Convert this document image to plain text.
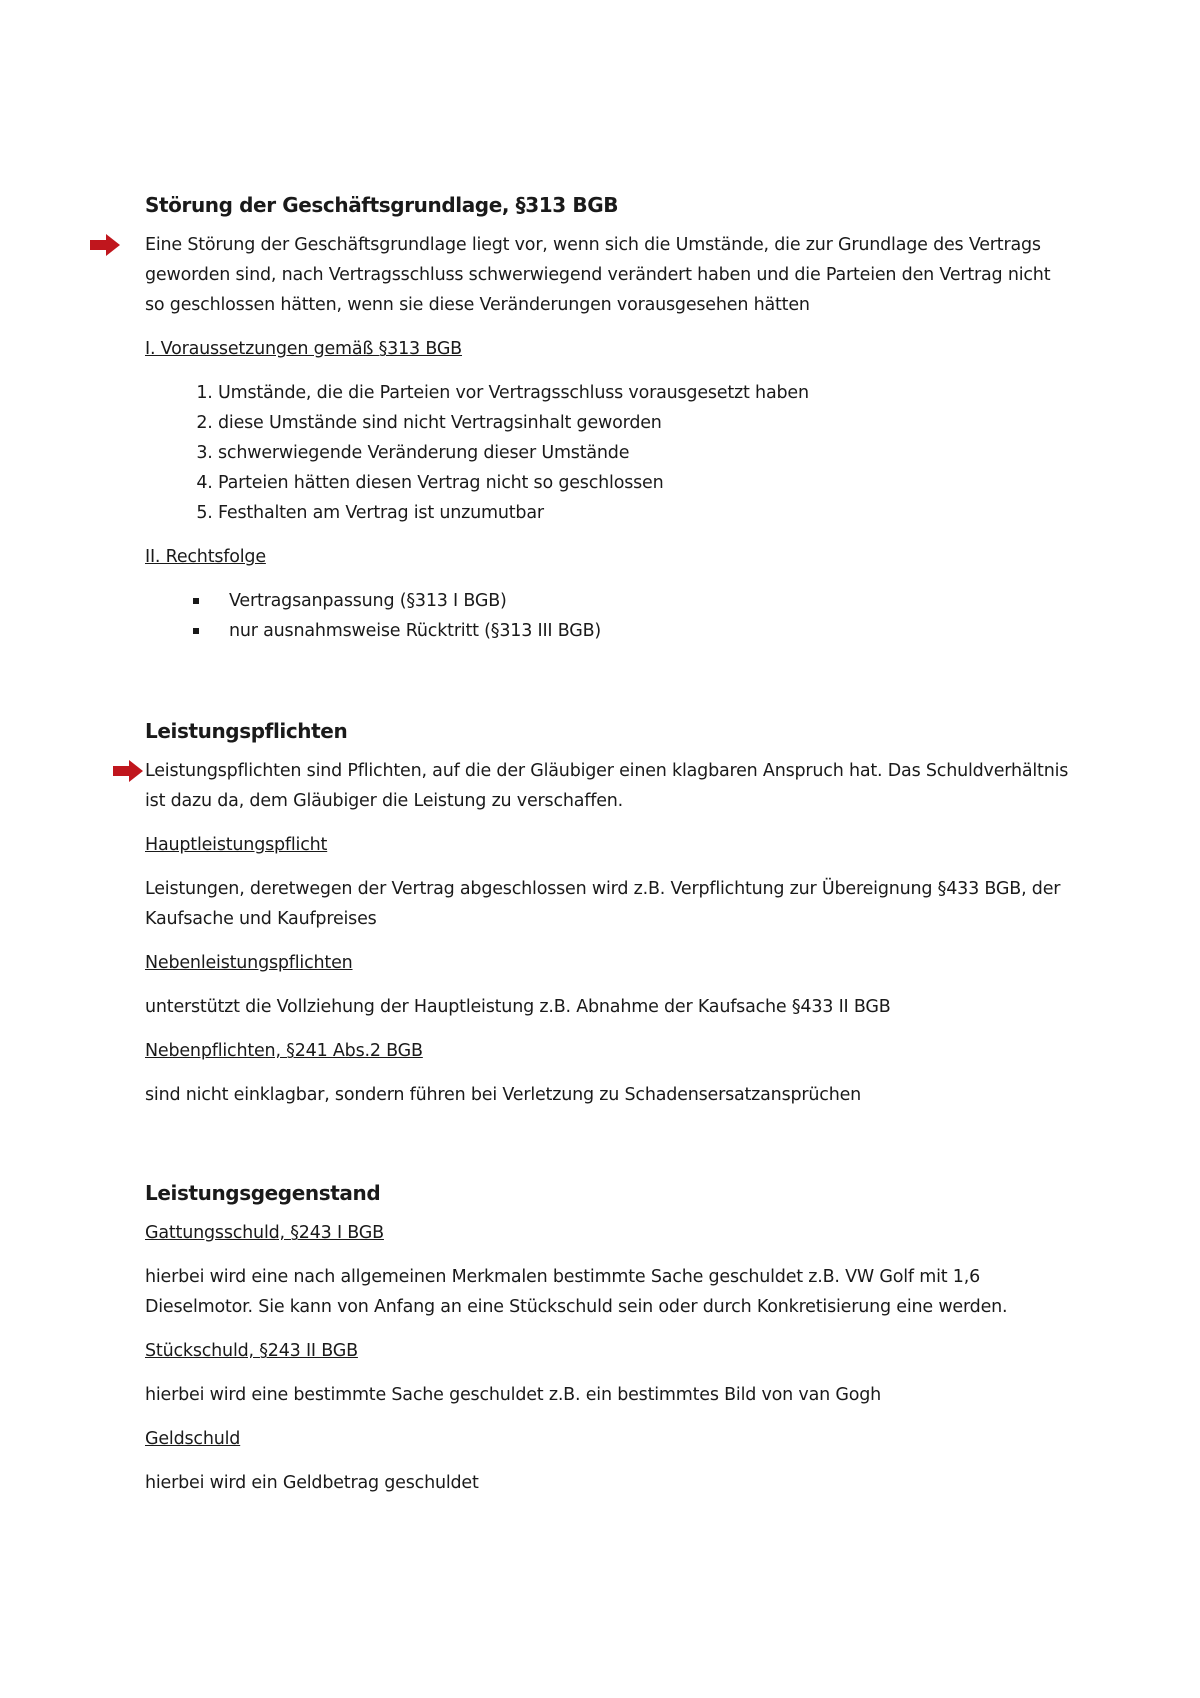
Störung der Geschäftsgrundlage, §313 BGB

Eine Störung der Geschäftsgrundlage liegt vor, wenn sich die Umstände, die zur Grundlage des Vertrags geworden sind, nach Vertragsschluss schwerwiegend verändert haben und die Parteien den Vertrag nicht so geschlossen hätten, wenn sie diese Veränderungen vorausgesehen hätten

I. Voraussetzungen gemäß §313 BGB
1. Umstände, die die Parteien vor Vertragsschluss vorausgesetzt haben
2. diese Umstände sind nicht Vertragsinhalt geworden
3. schwerwiegende Veränderung dieser Umstände
4. Parteien hätten diesen Vertrag nicht so geschlossen
5. Festhalten am Vertrag ist unzumutbar
II. Rechtsfolge
Vertragsanpassung (§313 I BGB)
nur ausnahmsweise Rücktritt (§313 III BGB)
Leistungspflichten

Leistungspflichten sind Pflichten, auf die der Gläubiger einen klagbaren Anspruch hat. Das Schuldverhältnis ist dazu da, dem Gläubiger die Leistung zu verschaffen.

Hauptleistungspflicht

Leistungen, deretwegen der Vertrag abgeschlossen wird z.B. Verpflichtung zur Übereignung §433 BGB, der Kaufsache und Kaufpreises

Nebenleistungspflichten

unterstützt die Vollziehung der Hauptleistung z.B. Abnahme der Kaufsache §433 II BGB

Nebenpflichten, §241 Abs.2 BGB

sind nicht einklagbar, sondern führen bei Verletzung zu Schadensersatzansprüchen

Leistungsgegenstand
Gattungsschuld, §243 I BGB

hierbei wird eine nach allgemeinen Merkmalen bestimmte Sache geschuldet z.B. VW Golf mit 1,6 Dieselmotor. Sie kann von Anfang an eine Stückschuld sein oder durch Konkretisierung eine werden.

Stückschuld, §243 II BGB

hierbei wird eine bestimmte Sache geschuldet z.B. ein bestimmtes Bild von van Gogh

Geldschuld

hierbei wird ein Geldbetrag geschuldet
